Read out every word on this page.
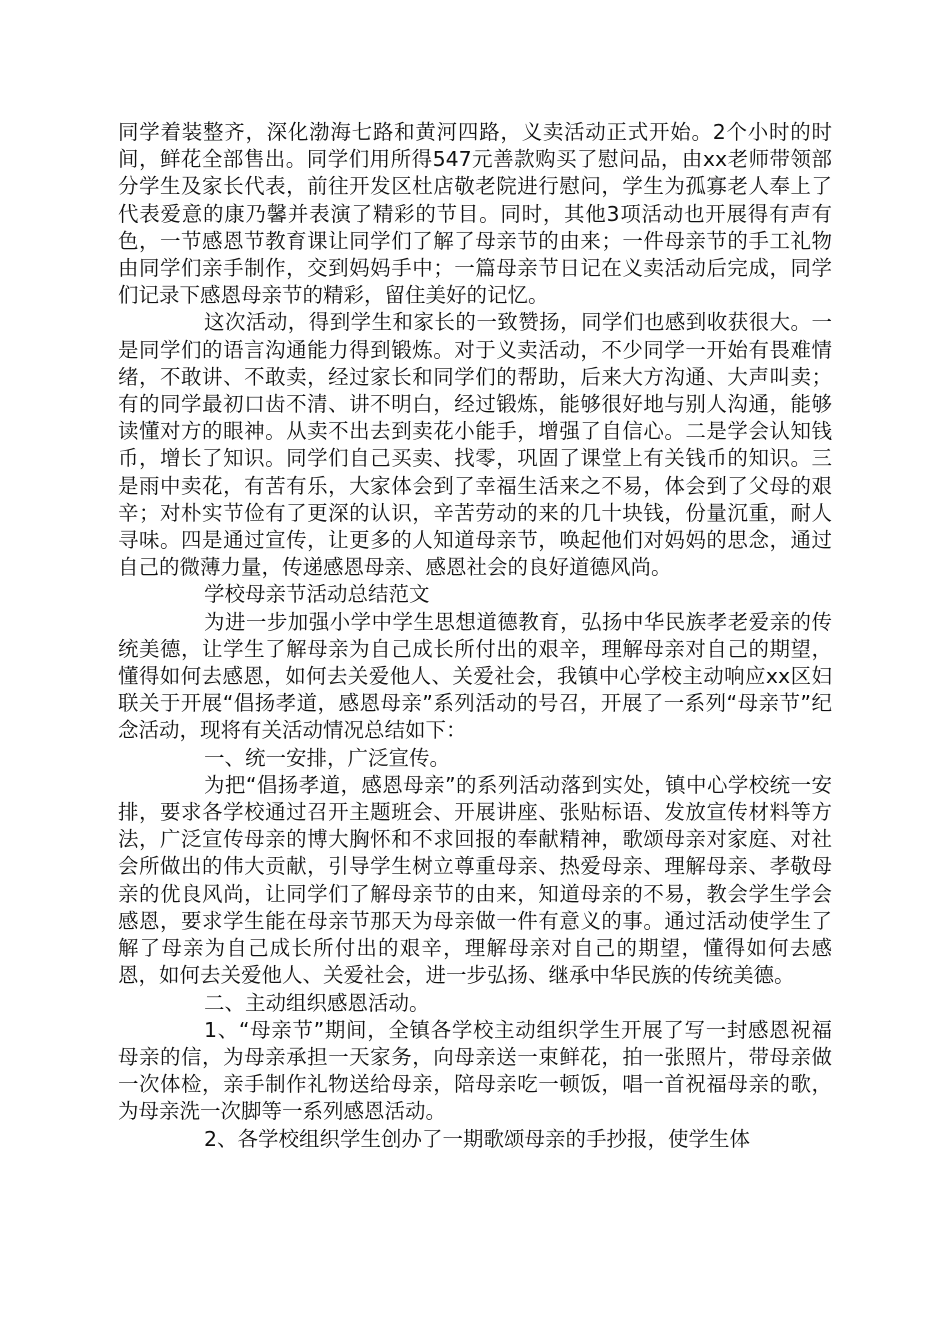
同学着装整齐，深化渤海七路和黄河四路，义卖活动正式开始。2个小时的时间，鲜花全部售出。同学们用所得547元善款购买了慰问品，由xx老师带领部分学生及家长代表，前往开发区杜店敬老院进行慰问，学生为孤寡老人奉上了代表爱意的康乃馨并表演了精彩的节目。同时，其他3项活动也开展得有声有色，一节感恩节教育课让同学们了解了母亲节的由来；一件母亲节的手工礼物由同学们亲手制作，交到妈妈手中；一篇母亲节日记在义卖活动后完成，同学们记录下感恩母亲节的精彩，留住美好的记忆。

这次活动，得到学生和家长的一致赞扬，同学们也感到收获很大。一是同学们的语言沟通能力得到锻炼。对于义卖活动，不少同学一开始有畏难情绪，不敢讲、不敢卖，经过家长和同学们的帮助，后来大方沟通、大声叫卖；有的同学最初口齿不清、讲不明白，经过锻炼，能够很好地与别人沟通，能够读懂对方的眼神。从卖不出去到卖花小能手，增强了自信心。二是学会认知钱币，增长了知识。同学们自己买卖、找零，巩固了课堂上有关钱币的知识。三是雨中卖花，有苦有乐，大家体会到了幸福生活来之不易，体会到了父母的艰辛；对朴实节俭有了更深的认识，辛苦劳动的来的几十块钱，份量沉重，耐人寻味。四是通过宣传，让更多的人知道母亲节，唤起他们对妈妈的思念，通过自己的微薄力量，传递感恩母亲、感恩社会的良好道德风尚。

学校母亲节活动总结范文

为进一步加强小学中学生思想道德教育，弘扬中华民族孝老爱亲的传统美德，让学生了解母亲为自己成长所付出的艰辛，理解母亲对自己的期望，懂得如何去感恩，如何去关爱他人、关爱社会，我镇中心学校主动响应xx区妇联关于开展“倡扬孝道，感恩母亲”系列活动的号召，开展了一系列“母亲节”纪念活动，现将有关活动情况总结如下：

一、统一安排，广泛宣传。

为把“倡扬孝道，感恩母亲”的系列活动落到实处，镇中心学校统一安排，要求各学校通过召开主题班会、开展讲座、张贴标语、发放宣传材料等方法，广泛宣传母亲的博大胸怀和不求回报的奉献精神，歌颂母亲对家庭、对社会所做出的伟大贡献，引导学生树立尊重母亲、热爱母亲、理解母亲、孝敬母亲的优良风尚，让同学们了解母亲节的由来，知道母亲的不易，教会学生学会感恩，要求学生能在母亲节那天为母亲做一件有意义的事。通过活动使学生了解了母亲为自己成长所付出的艰辛，理解母亲对自己的期望，懂得如何去感恩，如何去关爱他人、关爱社会，进一步弘扬、继承中华民族的传统美德。

二、主动组织感恩活动。

1、“母亲节”期间，全镇各学校主动组织学生开展了写一封感恩祝福母亲的信，为母亲承担一天家务，向母亲送一束鲜花，拍一张照片，带母亲做一次体检，亲手制作礼物送给母亲，陪母亲吃一顿饭，唱一首祝福母亲的歌，为母亲洗一次脚等一系列感恩活动。

2、各学校组织学生创办了一期歌颂母亲的手抄报，使学生体
